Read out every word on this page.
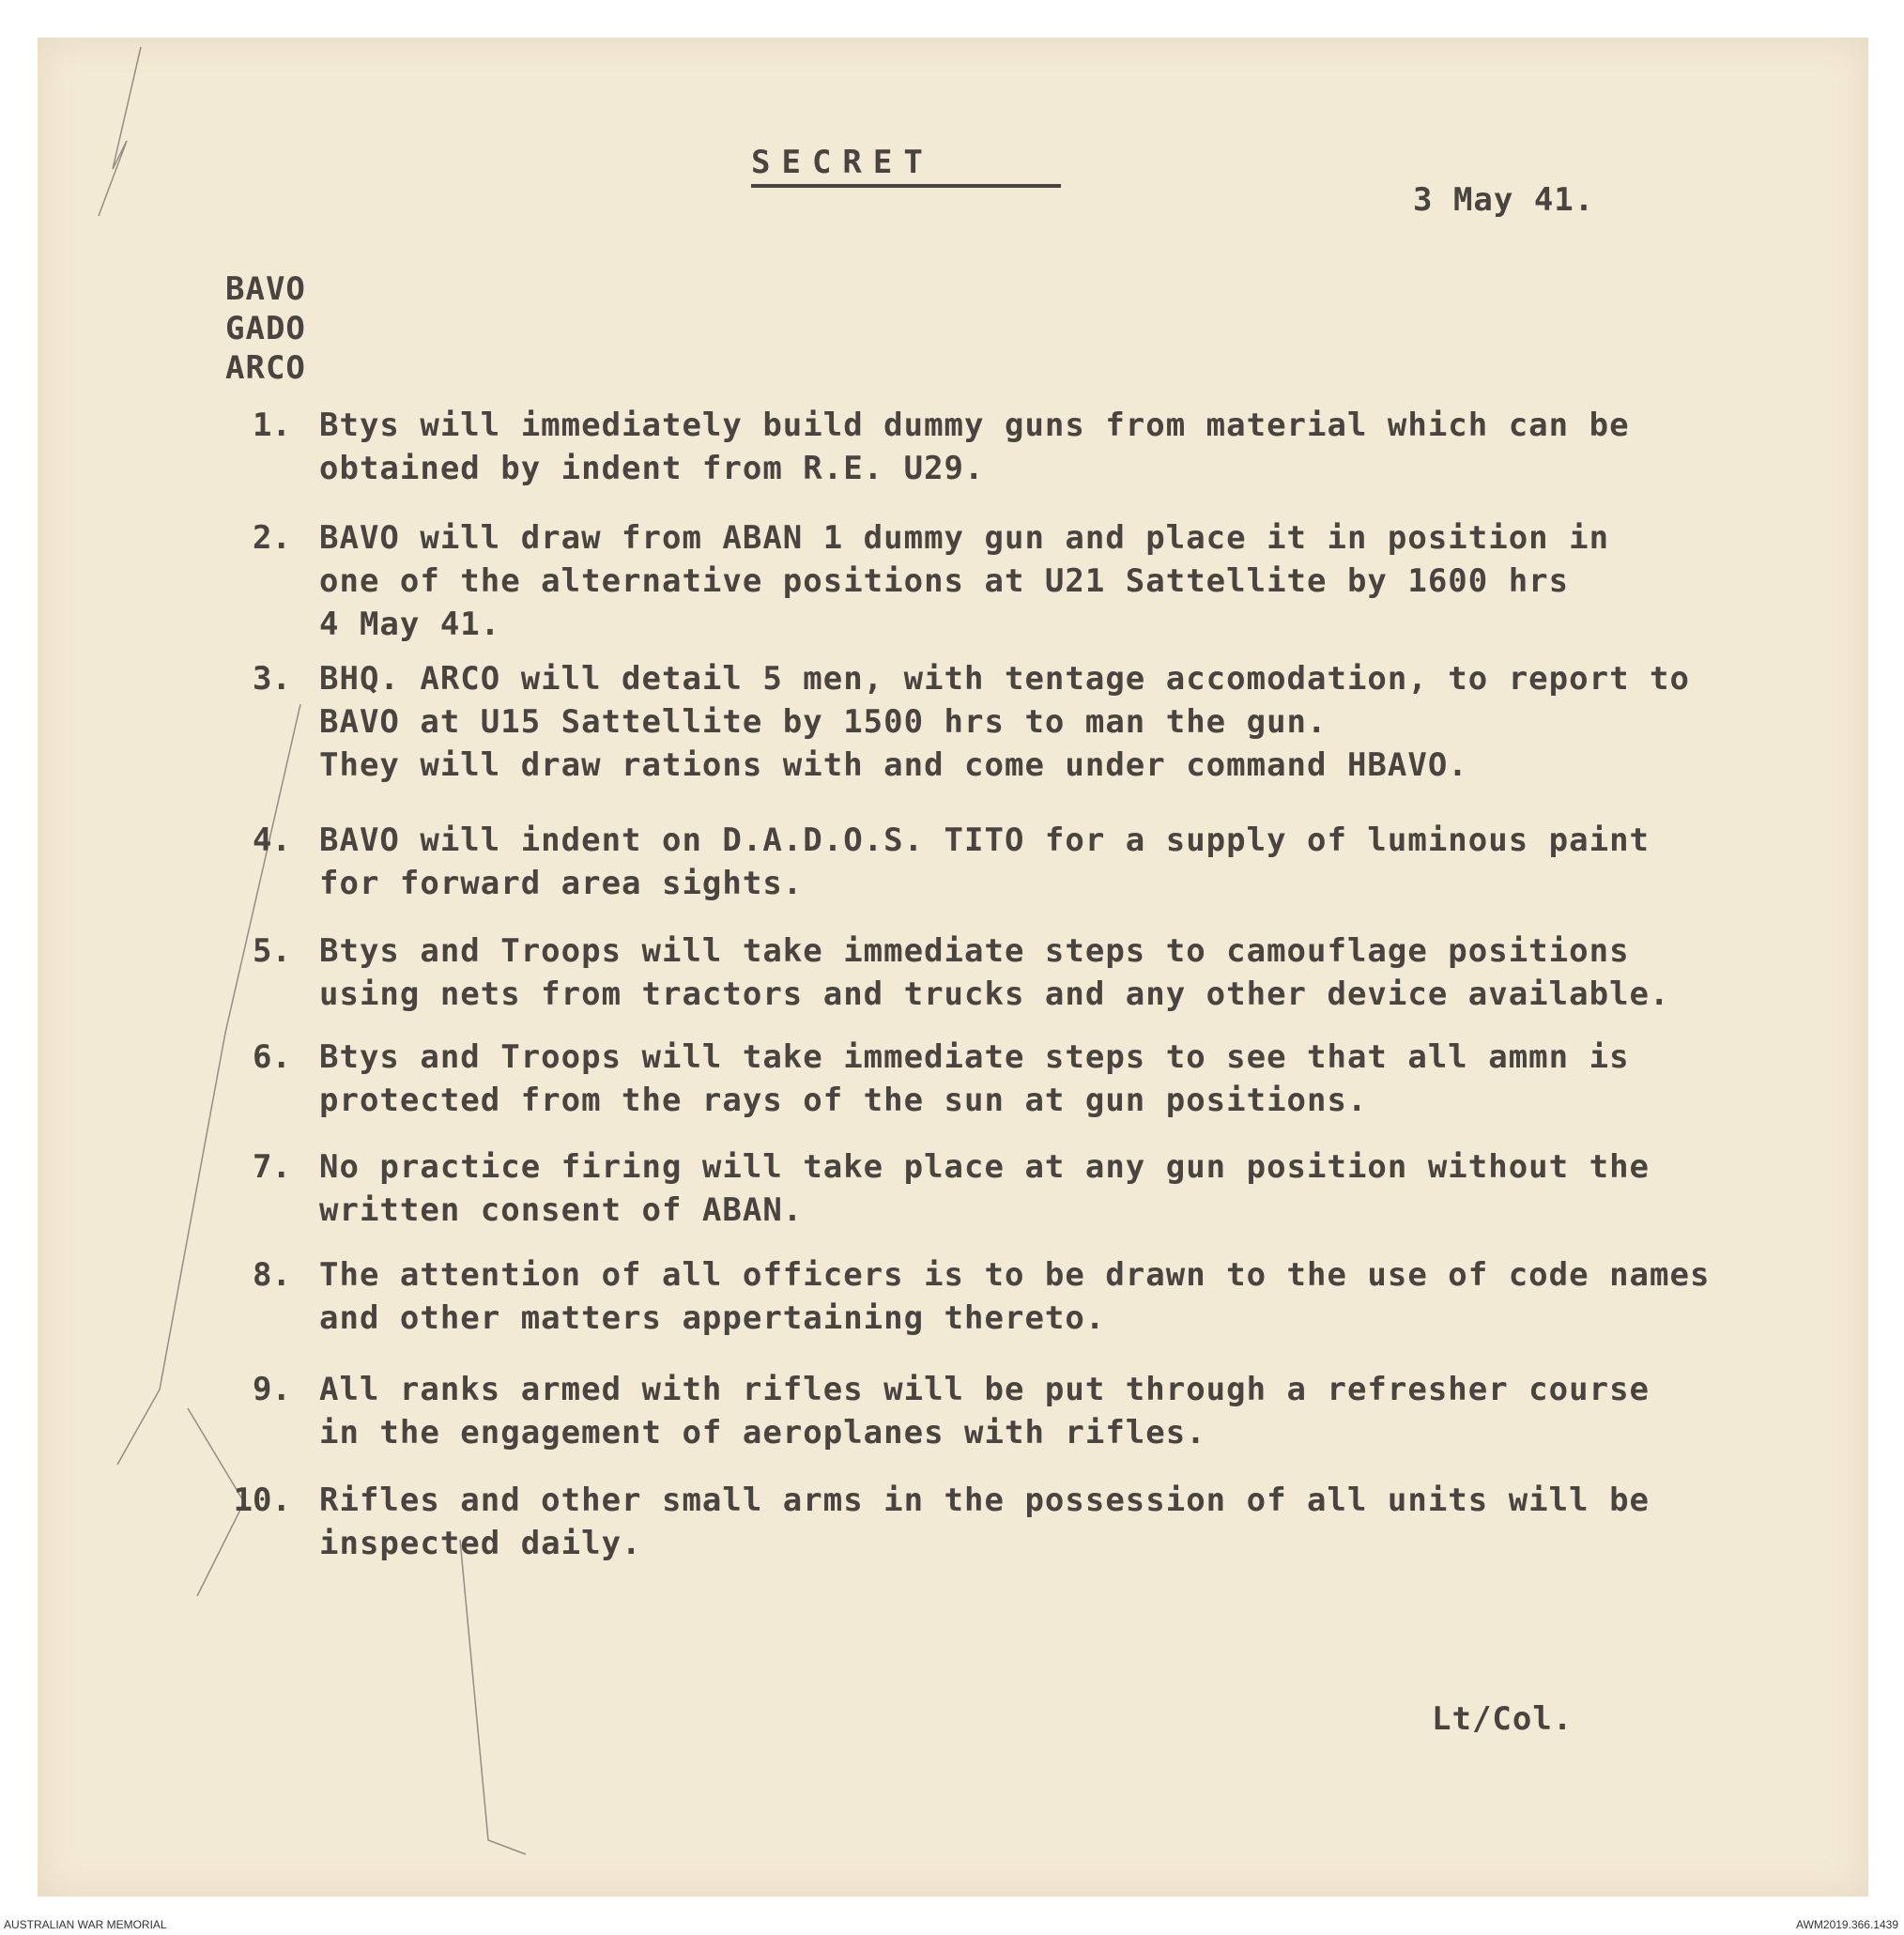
SECRET
3 May 41.
BAVO
GADO
ARCO
1. Btys will immediately build dummy guns from material which can be
obtained by indent from R.E. U29.
2. BAVO will draw from ABAN 1 dummy gun and place it in position in
one of the alternative positions at U21 Sattellite by 1600 hrs
4 May 41.
3. BHQ. ARCO will detail 5 men, with tentage accomodation, to report to
BAVO at U15 Sattellite by 1500 hrs to man the gun.
They will draw rations with and come under command HBAVO.
4. BAVO will indent on D.A.D.O.S. TITO for a supply of luminous paint
for forward area sights.
5. Btys and Troops will take immediate steps to camouflage positions
using nets from tractors and trucks and any other device available.
6. Btys and Troops will take immediate steps to see that all ammn is
protected from the rays of the sun at gun positions.
7. No practice firing will take place at any gun position without the
written consent of ABAN.
8. The attention of all officers is to be drawn to the use of code names
and other matters appertaining thereto.
9. All ranks armed with rifles will be put through a refresher course
in the engagement of aeroplanes with rifles.
10. Rifles and other small arms in the possession of all units will be
inspected daily.
Lt/Col.
AUSTRALIAN WAR MEMORIAL	AWM2019.366.1439
